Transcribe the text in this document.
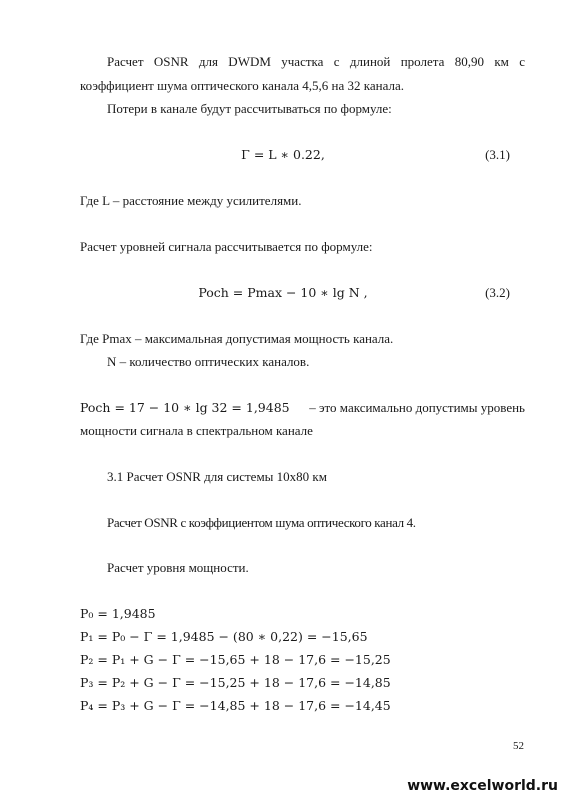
Расчет OSNR для DWDM участка с длиной пролета 80,90 км с
коэффициент шума оптического канала 4,5,6 на 32 канала.
Потери в канале будут рассчитываться по формуле:
Γ = L ∗ 0.22,	(3.1)
Где L – расстояние между усилителями.
Расчет уровней сигнала рассчитывается по формуле:
Poch = Pmax − 10 ∗ lg N ,	(3.2)
Где Pmax – максимальная допустимая мощность канала.
N – количество оптических каналов.
Poch = 17 − 10 ∗ lg 32 = 1,9485 – это максимально допустимы уровень
мощности сигнала в спектральном канале
3.1 Расчет OSNR для системы 10х80 км
Расчет OSNR с коэффициентом шума оптического канал 4.
Расчет уровня мощности.
P₀ = 1,9485
P₁ = P₀ − Γ = 1,9485 − (80 ∗ 0,22) = −15,65
P₂ = P₁ + G − Γ = −15,65 + 18 − 17,6 = −15,25
P₃ = P₂ + G − Γ = −15,25 + 18 − 17,6 = −14,85
P₄ = P₃ + G − Γ = −14,85 + 18 − 17,6 = −14,45
52
www.excelworld.ru
